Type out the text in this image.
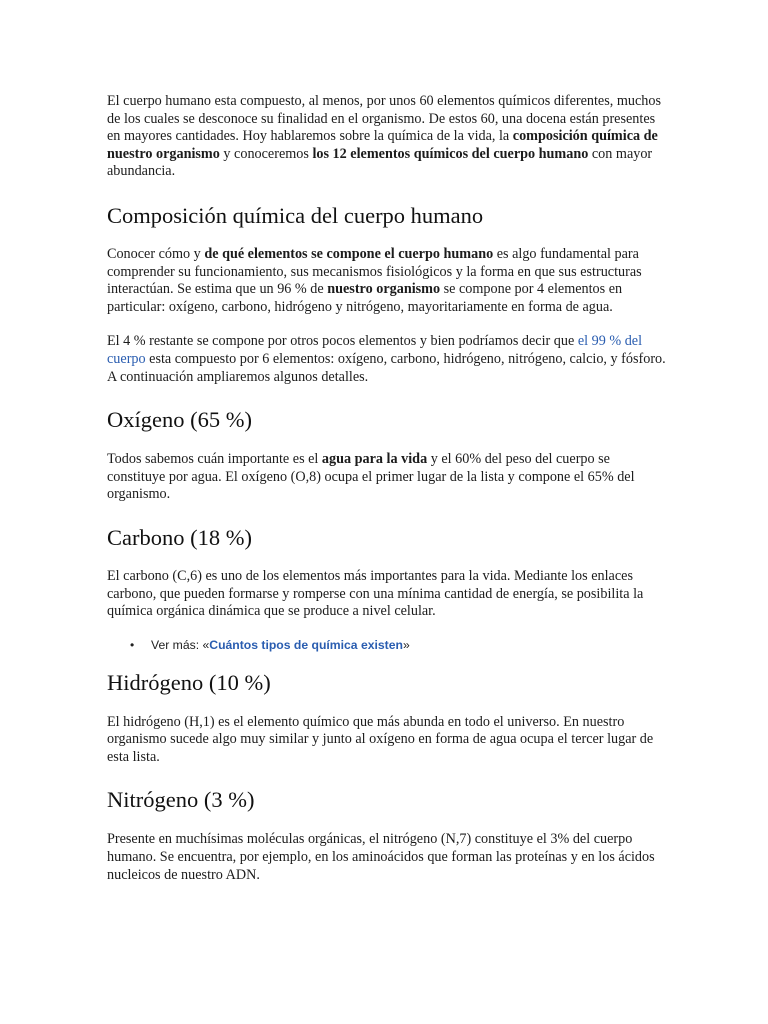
El cuerpo humano esta compuesto, al menos, por unos 60 elementos químicos diferentes, muchos de los cuales se desconoce su finalidad en el organismo. De estos 60, una docena están presentes en mayores cantidades. Hoy hablaremos sobre la química de la vida, la composición química de nuestro organismo y conoceremos los 12 elementos químicos del cuerpo humano con mayor abundancia.

Composición química del cuerpo humano

Conocer cómo y de qué elementos se compone el cuerpo humano es algo fundamental para comprender su funcionamiento, sus mecanismos fisiológicos y la forma en que sus estructuras interactúan. Se estima que un 96 % de nuestro organismo se compone por 4 elementos en particular: oxígeno, carbono, hidrógeno y nitrógeno, mayoritariamente en forma de agua.

El 4 % restante se compone por otros pocos elementos y bien podríamos decir que el 99 % del cuerpo esta compuesto por 6 elementos: oxígeno, carbono, hidrógeno, nitrógeno, calcio, y fósforo. A continuación ampliaremos algunos detalles.

Oxígeno (65 %)

Todos sabemos cuán importante es el agua para la vida y el 60% del peso del cuerpo se constituye por agua. El oxígeno (O,8) ocupa el primer lugar de la lista y compone el 65% del organismo.

Carbono (18 %)

El carbono (C,6) es uno de los elementos más importantes para la vida. Mediante los enlaces carbono, que pueden formarse y romperse con una mínima cantidad de energía, se posibilita la química orgánica dinámica que se produce a nivel celular.

• Ver más: «Cuántos tipos de química existen»
Hidrógeno (10 %)

El hidrógeno (H,1) es el elemento químico que más abunda en todo el universo. En nuestro organismo sucede algo muy similar y junto al oxígeno en forma de agua ocupa el tercer lugar de esta lista.

Nitrógeno (3 %)

Presente en muchísimas moléculas orgánicas, el nitrógeno (N,7) constituye el 3% del cuerpo humano. Se encuentra, por ejemplo, en los aminoácidos que forman las proteínas y en los ácidos nucleicos de nuestro ADN.
